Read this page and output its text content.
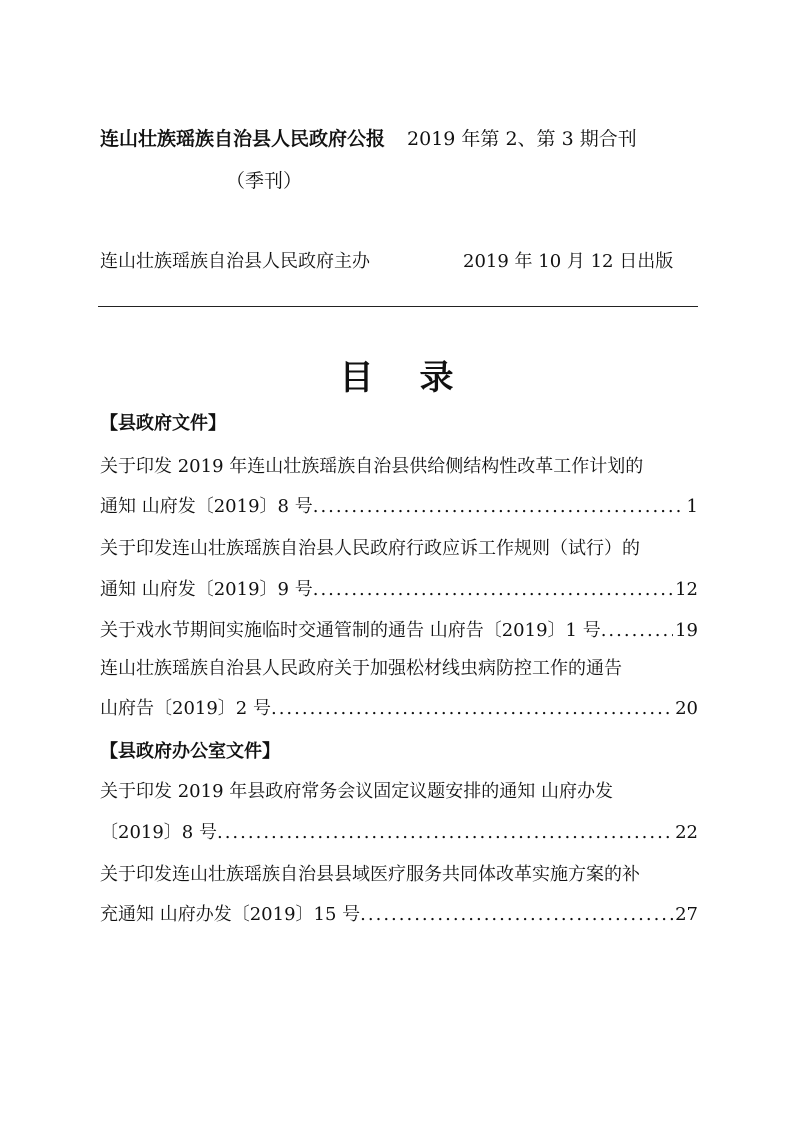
连山壮族瑶族自治县人民政府公报 2019 年第 2、第 3 期合刊
（季刊）
连山壮族瑶族自治县人民政府主办	2019 年 10 月 12 日出版
目录
【县政府文件】
关于印发 2019 年连山壮族瑶族自治县供给侧结构性改革工作计划的
通知 山府发〔2019〕8 号 .....	1
关于印发连山壮族瑶族自治县人民政府行政应诉工作规则（试行）的
通知 山府发〔2019〕9 号 .....	12
关于戏水节期间实施临时交通管制的通告 山府告〔2019〕1 号 .....	19
连山壮族瑶族自治县人民政府关于加强松材线虫病防控工作的通告
山府告〔2019〕2 号 .....	20
【县政府办公室文件】
关于印发 2019 年县政府常务会议固定议题安排的通知 山府办发
〔2019〕8 号 .....	22
关于印发连山壮族瑶族自治县县域医疗服务共同体改革实施方案的补
充通知 山府办发〔2019〕15 号 .....	27
